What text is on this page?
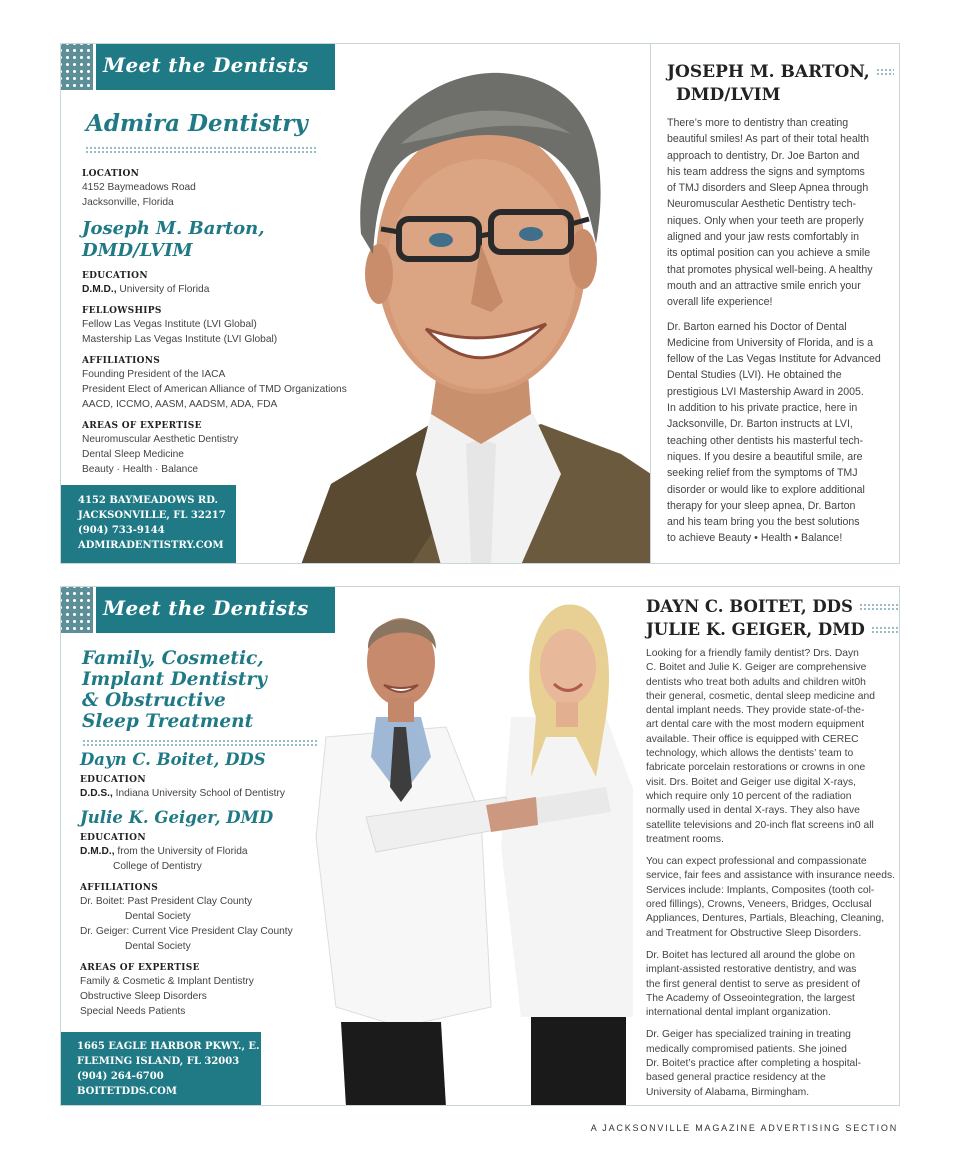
Meet the Dentists
Admira Dentistry
LOCATION
4152 Baymeadows Road
Jacksonville, Florida
Joseph M. Barton,
DMD/LVIM
EDUCATION
D.M.D., University of Florida
FELLOWSHIPS
Fellow Las Vegas Institute (LVI Global)
Mastership Las Vegas Institute (LVI Global)
AFFILIATIONS
Founding President of the IACA
President Elect of American Alliance of TMD Organizations
AACD, ICCMO, AASM, AADSM, ADA, FDA
AREAS OF EXPERTISE
Neuromuscular Aesthetic Dentistry
Dental Sleep Medicine
Beauty · Health · Balance
4152 BAYMEADOWS RD.
JACKSONVILLE, FL 32217
(904) 733-9144
ADMIRADENTISTRY.COM
JOSEPH M. BARTON,
DMD/LVIM
There’s more to dentistry than creating
beautiful smiles! As part of their total health
approach to dentistry, Dr. Joe Barton and
his team address the signs and symptoms
of TMJ disorders and Sleep Apnea through
Neuromuscular Aesthetic Dentistry tech-
niques. Only when your teeth are properly
aligned and your jaw rests comfortably in
its optimal position can you achieve a smile
that promotes physical well-being. A healthy
mouth and an attractive smile enrich your
overall life experience!
Dr. Barton earned his Doctor of Dental
Medicine from University of Florida, and is a
fellow of the Las Vegas Institute for Advanced
Dental Studies (LVI). He obtained the
prestigious LVI Mastership Award in 2005.
In addition to his private practice, here in
Jacksonville, Dr. Barton instructs at LVI,
teaching other dentists his masterful tech-
niques. If you desire a beautiful smile, are
seeking relief from the symptoms of TMJ
disorder or would like to explore additional
therapy for your sleep apnea, Dr. Barton
and his team bring you the best solutions
to achieve Beauty • Health • Balance!
Meet the Dentists
Family, Cosmetic,
Implant Dentistry
& Obstructive
Sleep Treatment
Dayn C. Boitet, DDS
EDUCATION
D.D.S., Indiana University School of Dentistry
Julie K. Geiger, DMD
EDUCATION
D.M.D., from the University of Florida
College of Dentistry
AFFILIATIONS
Dr. Boitet: Past President Clay County
Dental Society
Dr. Geiger: Current Vice President Clay County
Dental Society
AREAS OF EXPERTISE
Family & Cosmetic & Implant Dentistry
Obstructive Sleep Disorders
Special Needs Patients
1665 EAGLE HARBOR PKWY., E.
FLEMING ISLAND, FL 32003
(904) 264-6700
BOITETDDS.COM
DAYN C. BOITET, DDS
JULIE K. GEIGER, DMD
Looking for a friendly family dentist? Drs. Dayn
C. Boitet and Julie K. Geiger are comprehensive
dentists who treat both adults and children wit0h
their general, cosmetic, dental sleep medicine and
dental implant needs. They provide state-of-the-
art dental care with the most modern equipment
available. Their office is equipped with CEREC
technology, which allows the dentists’ team to
fabricate porcelain restorations or crowns in one
visit. Drs. Boitet and Geiger use digital X-rays,
which require only 10 percent of the radiation
normally used in dental X-rays. They also have
satellite televisions and 20-inch flat screens in0 all
treatment rooms.
You can expect professional and compassionate
service, fair fees and assistance with insurance needs.
Services include: Implants, Composites (tooth col-
ored fillings), Crowns, Veneers, Bridges, Occlusal
Appliances, Dentures, Partials, Bleaching, Cleaning,
and Treatment for Obstructive Sleep Disorders.
Dr. Boitet has lectured all around the globe on
implant-assisted restorative dentistry, and was
the first general dentist to serve as president of
The Academy of Osseointegration, the largest
international dental implant organization.
Dr. Geiger has specialized training in treating
medically compromised patients. She joined
Dr. Boitet’s practice after completing a hospital-
based general practice residency at the
University of Alabama, Birmingham.
A JACKSONVILLE MAGAZINE ADVERTISING SECTION
